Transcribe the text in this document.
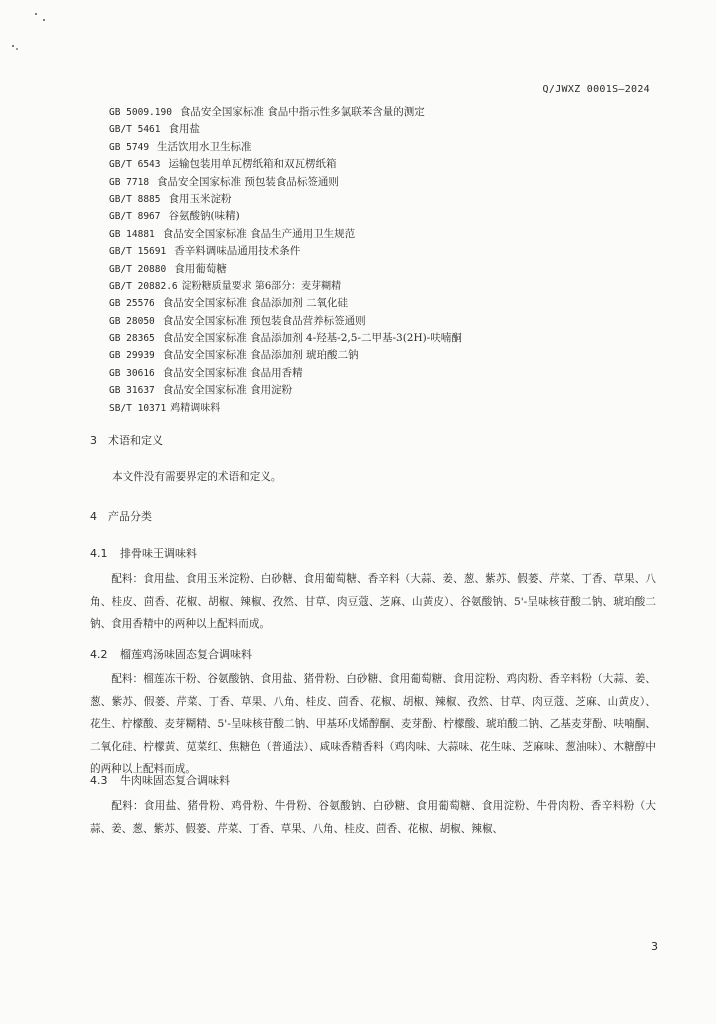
Q/JWXZ 0001S—2024
GB 5009.190 食品安全国家标准 食品中指示性多氯联苯含量的测定
GB/T 5461 食用盐
GB 5749 生活饮用水卫生标准
GB/T 6543 运输包装用单瓦楞纸箱和双瓦楞纸箱
GB 7718 食品安全国家标准 预包装食品标签通则
GB/T 8885 食用玉米淀粉
GB/T 8967 谷氨酸钠(味精)
GB 14881 食品安全国家标准 食品生产通用卫生规范
GB/T 15691 香辛料调味品通用技术条件
GB/T 20880 食用葡萄糖
GB/T 20882.6 淀粉糖质量要求 第6部分：麦芽糊精
GB 25576 食品安全国家标准 食品添加剂 二氧化硅
GB 28050 食品安全国家标准 预包装食品营养标签通则
GB 28365 食品安全国家标准 食品添加剂 4-羟基-2,5-二甲基-3(2H)-呋喃酮
GB 29939 食品安全国家标准 食品添加剂 琥珀酸二钠
GB 30616 食品安全国家标准 食品用香精
GB 31637 食品安全国家标准 食用淀粉
SB/T 10371 鸡精调味料
3 术语和定义
本文件没有需要界定的术语和定义。
4 产品分类
4.1 排骨味王调味料
配料：食用盐、食用玉米淀粉、白砂糖、食用葡萄糖、香辛料（大蒜、姜、葱、紫苏、假蒌、芹菜、丁香、草果、八角、桂皮、茴香、花椒、胡椒、辣椒、孜然、甘草、肉豆蔻、芝麻、山黄皮）、谷氨酸钠、5'-呈味核苷酸二钠、琥珀酸二钠、食用香精中的两种以上配料而成。
4.2 榴莲鸡汤味固态复合调味料
配料：榴莲冻干粉、谷氨酸钠、食用盐、猪骨粉、白砂糖、食用葡萄糖、食用淀粉、鸡肉粉、香辛料粉（大蒜、姜、葱、紫苏、假蒌、芹菜、丁香、草果、八角、桂皮、茴香、花椒、胡椒、辣椒、孜然、甘草、肉豆蔻、芝麻、山黄皮）、花生、柠檬酸、麦芽糊精、5'-呈味核苷酸二钠、甲基环戊烯醇酮、麦芽酚、柠檬酸、琥珀酸二钠、乙基麦芽酚、呋喃酮、二氧化硅、柠檬黄、苋菜红、焦糖色（普通法）、咸味香精香料（鸡肉味、大蒜味、花生味、芝麻味、葱油味）、木糖醇中的两种以上配料而成。
4.3 牛肉味固态复合调味料
配料：食用盐、猪骨粉、鸡骨粉、牛骨粉、谷氨酸钠、白砂糖、食用葡萄糖、食用淀粉、牛骨肉粉、香辛料粉（大蒜、姜、葱、紫苏、假蒌、芹菜、丁香、草果、八角、桂皮、茴香、花椒、胡椒、辣椒、
3
